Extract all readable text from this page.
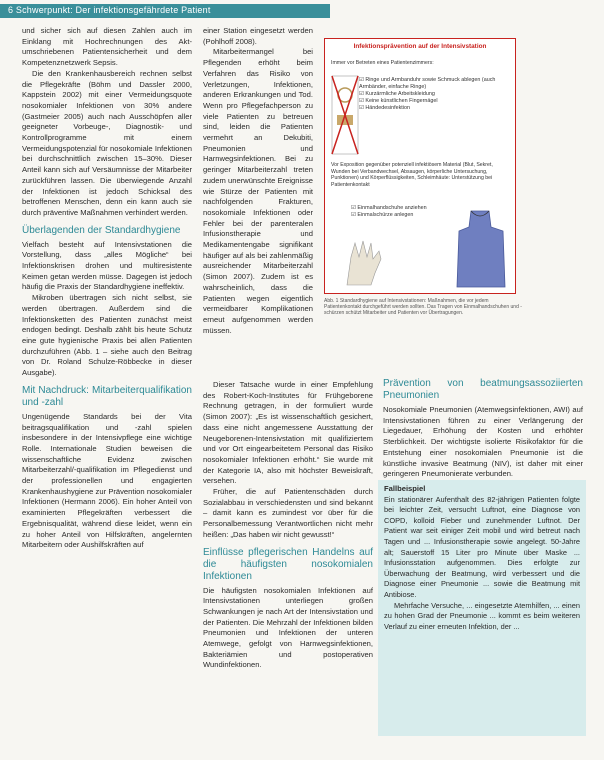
6 Schwerpunkt: Der infektionsgefährdete Patient

und sicher sich auf diesen Zahlen auch im Einklang mit Hochrechnungen des Akt-umschriebenen Patientensicherheit und dem Kompetenznetzwerk Sepsis.

Die den Krankenhausbereich rechnen selbst die Pflegekräfte (Böhm und Dassler 2000, Kappstein 2002) mit einer Vermeidungsquote nosokomialer Infektionen von 30% andere (Gastmeier 2005) auch nach Ausschöpfen aller geeigneter Vorbeuge-, Diagnostik- und Kontrollprogramme mit einem Vermeidungspotenzial für nosokomiale Infektionen bei durchschnittlich zwischen 15–30%. Dieser Anteil kann sich auf Versäumnisse der Mitarbeiter zurückführen lassen. Die überwiegende Anzahl der Infektionen ist jedoch Schicksal des betroffenen Menschen, denn ein kann auch sie durch präventive Maßnahmen verhindert werden.

Überlagenden der Standardhygiene

Vielfach besteht auf Intensivstationen die Vorstellung, dass „alles Mögliche“ bei Infektionskrisen drohen und multiresistente Keimen getan werden müsse. Dagegen ist jedoch häufig die Praxis der Standardhygiene ineffektiv.

Mikroben übertragen sich nicht selbst, sie werden übertragen. Außerdem sind die Infektionsketten des Patienten zunächst meist endogen bedingt. Deshalb zählt bis heute Schutz eine gute hygienische Praxis bei allen Patienten durchzuführen (Abb. 1 – siehe auch den Beitrag von Dr. Roland Schulze-Röbbecke in dieser Ausgabe).

Mit Nachdruck: Mitarbeiterqualifikation und -zahl

Ungenügende Standards bei der Vita beitragsqualifikation und -zahl spielen insbesondere in der Intensivpflege eine wichtige Rolle. Internationale Studien beweisen die wissenschaftliche Evidenz zwischen Mitarbeiterzahl/-qualifikation im Pflegedienst und der professionellen und engagierten Krankenhaushygiene zur Prävention nosokomialer Infektionen (Hermann 2006). Ein hoher Anteil von examinierten Pflegekräften verbessert die Ergebnisqualität, während diese leidet, wenn ein zu hoher Anteil von Hilfskräften, angelernten Mitarbeitern oder Aushilfskräften auf

einer Station eingesetzt werden (Pohlhoff 2008).

Mitarbeitermangel bei Pflegenden erhöht beim Verfahren das Risiko von Verletzungen, Infektionen, anderen Erkrankungen und Tod. Wenn pro Pflegefachperson zu viele Patienten zu betreuen sind, leiden die Patienten vermehrt an Dekubiti, Pneumonien und Harnwegsinfektionen. Bei zu geringer Mitarbeiterzahl treten zudem unerwünschte Ereignisse wie Stürze der Patienten mit nachfolgenden Frakturen, nosokomiale Infektionen oder Fehler bei der parenteralen Infusionstherapie und Medikamentengabe signifikant häufiger auf als bei zahlenmäßig ausreichender Mitarbeiterzahl (Simon 2007). Zudem ist es wahrscheinlich, dass die Patienten wegen eigentlich vermeidbarer Komplikationen erneut aufgenommen werden müssen.

Dieser Tatsache wurde in einer Empfehlung des Robert-Koch-Institutes für Frühgeborene Rechnung getragen, in der formuliert wurde (Simon 2007): „Es ist wissenschaftlich gesichert, dass eine nicht angemessene Ausstattung der Neugeborenen-Intensivstation mit qualifiziertem und vor Ort eingearbeitetem Personal das Risiko nosokomialer Infektionen erhöht.“ Sie wurde mit der Kategorie IA, also mit höchster Beweiskraft, versehen.

Früher, die auf Patientenschäden durch Sozialabbau in verschiedensten und sind bekannt – damit kann es zumindest vor über für die Personalbemessung Verantwortlichen nicht mehr heißen: „Das haben wir nicht gewusst!“

Einflüsse pflegerischen Handelns auf die häufigsten nosokomialen Infektionen

Die häufigsten nosokomialen Infektionen auf Intensivstationen unterliegen großen Schwankungen je nach Art der Intensivstation und der Patienten. Die Mehrzahl der Infektionen bilden Pneumonien und Infektionen der unteren Atemwege, gefolgt von Harnwegsinfektionen, Bakteriämien und postoperativen Wundinfektionen.

Infektionsprävention auf der Intensivstation
Immer vor Betreten eines Patientenzimmers:
☑ Ringe und Armbanduhr sowie Schmuck ablegen (auch Armbänder, einfache Ringe)
☑ Kurzärmliche Arbeitskleidung
☑ Keine künstlichen Fingernägel
☑ Händedesinfektion
Vor Exposition gegenüber potenziell infektiösem Material (Blut, Sekret, Wunden bei Verbandwechsel, Absaugen, körperliche Untersuchung, Punktionen) und Körperflüssigkeiten, Schleimhäute: Unterstützung bei Patientenkontakt
☑ Einmalhandschuhe anziehen
☑ Einmalschürze anlegen
Abb. 1 Standardhygiene auf Intensivstationen: Maßnahmen, die vor jedem Patientenkontakt durchgeführt werden sollten. Das Tragen von Einmalhandschuhen und -schürzen schützt Mitarbeiter und Patienten vor Übertragungen.
Prävention von beatmungsassoziierten Pneumonien

Nosokomiale Pneumonien (Atemwegsinfektionen, AWI) auf Intensivstationen führen zu einer Verlängerung der Liegedauer, Erhöhung der Kosten und erhöhter Sterblichkeit. Der wichtigste isolierte Risikofaktor für die Entstehung einer nosokomialen Pneumonie ist die künstliche invasive Beatmung (NIV), ist daher mit einer geringeren Pneumonierate verbunden.

Fallbeispiel
Ein stationärer Aufenthalt des 82-jährigen Patienten folgte bei leichter Zeit, versucht Luftnot, eine Diagnose von COPD, kolloid Fieber und zunehmender Luftnot. Der Patient war seit einiger Zeit mobil und wird betreut nach Tagen und ... Infusionstherapie sowie angelegt. 50-Jahre alt; Sauerstoff 15 Liter pro Minute über Maske ... Infusionsstation aufgenommen. Dies erfolgte zur Überwachung der Beatmung, wird verbessert und die Diagnose einer Pneumonie ... sowie die Beatmung mit Antibiose.
Mehrfache Versuche, ... eingesetzte Atemhilfen, ... einen zu hohen Grad der Pneumonie ... kommt es beim weiteren Verlauf zu einer erneuten Infektion, der ...
